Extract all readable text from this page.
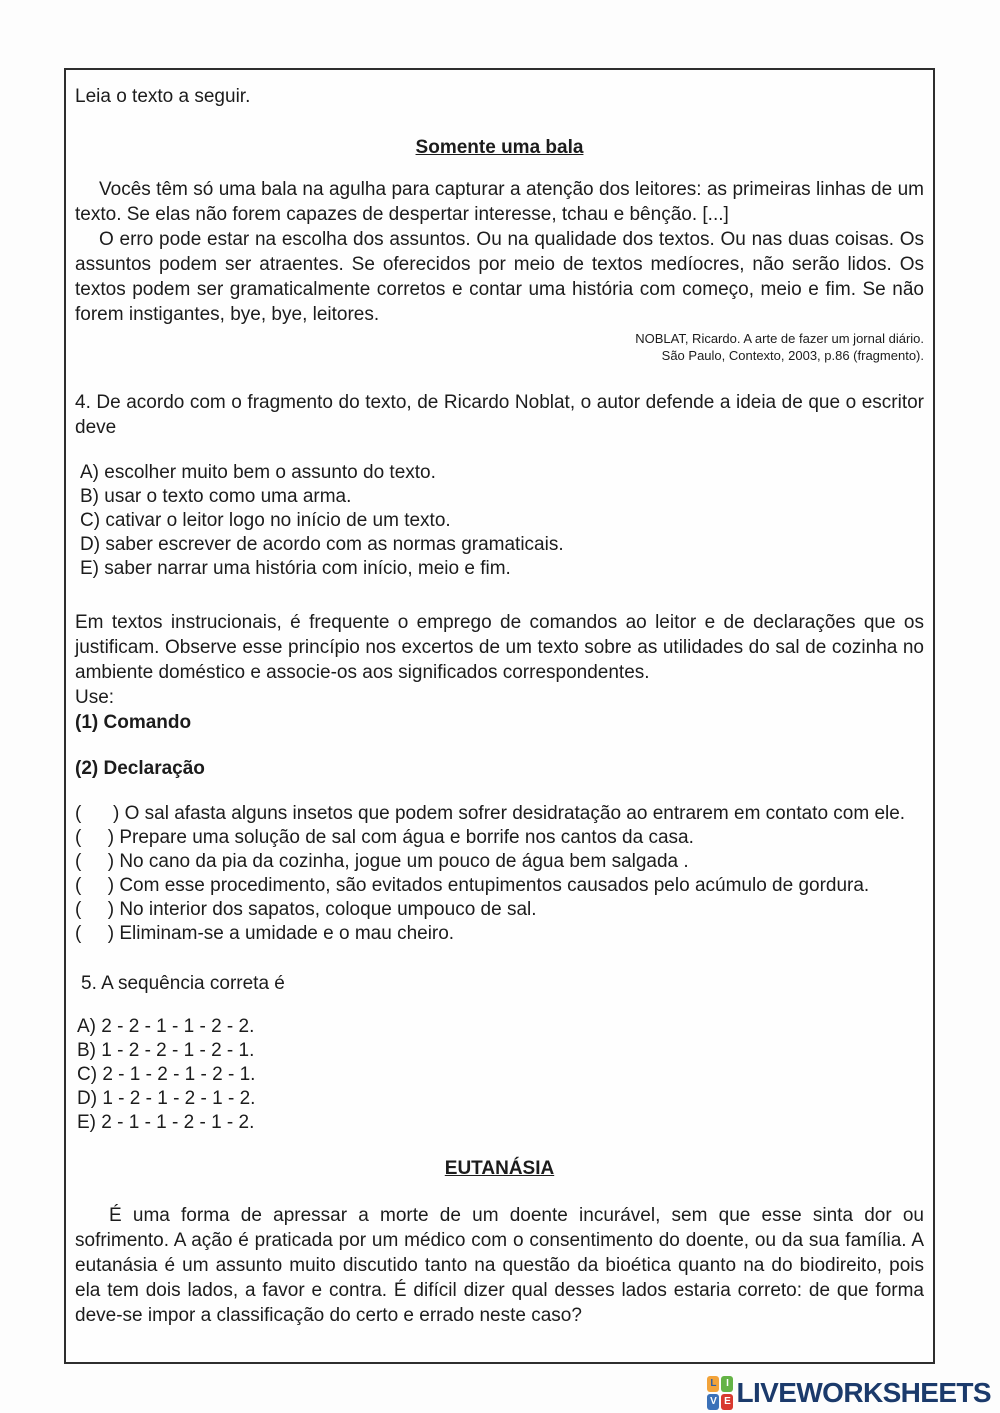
Leia o texto a seguir.
Somente uma bala
Vocês têm só uma bala na agulha para capturar a atenção dos leitores: as primeiras linhas de um texto. Se elas não forem capazes de despertar interesse, tchau e bênção. [...]
O erro pode estar na escolha dos assuntos. Ou na qualidade dos textos. Ou nas duas coisas. Os assuntos podem ser atraentes. Se oferecidos por meio de textos medíocres, não serão lidos. Os textos podem ser gramaticalmente corretos e contar uma história com começo, meio e fim. Se não forem instigantes, bye, bye, leitores.
NOBLAT, Ricardo. A arte de fazer um jornal diário.
São Paulo, Contexto, 2003, p.86 (fragmento).
4. De acordo com o fragmento do texto, de Ricardo Noblat, o autor defende a ideia de que o escritor deve
A) escolher muito bem o assunto do texto.
B) usar o texto como uma arma.
C) cativar o leitor logo no início de um texto.
D) saber escrever de acordo com as normas gramaticais.
E) saber narrar uma história com início, meio e fim.
Em textos instrucionais, é frequente o emprego de comandos ao leitor e de declarações que os justificam. Observe esse princípio nos excertos de um texto sobre as utilidades do sal de cozinha no ambiente doméstico e associe-os aos significados correspondentes.
Use:
(1) Comando
(2) Declaração
(      ) O sal afasta alguns insetos que podem sofrer desidratação ao entrarem em contato com ele.
(     ) Prepare uma solução de sal com água e borrife nos cantos da casa.
(     ) No cano da pia da cozinha, jogue um pouco de água bem salgada .
(     ) Com esse procedimento, são evitados entupimentos causados pelo acúmulo de gordura.
(     ) No interior dos sapatos, coloque umpouco de sal.
(     ) Eliminam-se a umidade e o mau cheiro.
5. A sequência correta é
A) 2 - 2 - 1 - 1 - 2 - 2.
B) 1 - 2 - 2 - 1 - 2 - 1.
C) 2 - 1 - 2 - 1 - 2 - 1.
D) 1 - 2 - 1 - 2 - 1 - 2.
E) 2 - 1 - 1 - 2 - 1 - 2.
EUTANÁSIA
É uma forma de apressar a morte de um doente incurável, sem que esse sinta dor ou sofrimento. A ação é praticada por um médico com o consentimento do doente, ou da sua família. A eutanásia é um assunto muito discutido tanto na questão da bioética quanto na do biodireito, pois ela tem dois lados, a favor e contra. É difícil dizer qual desses lados estaria correto: de que forma deve-se impor a classificação do certo e errado neste caso?
L I
V E LIVEWORKSHEETS
